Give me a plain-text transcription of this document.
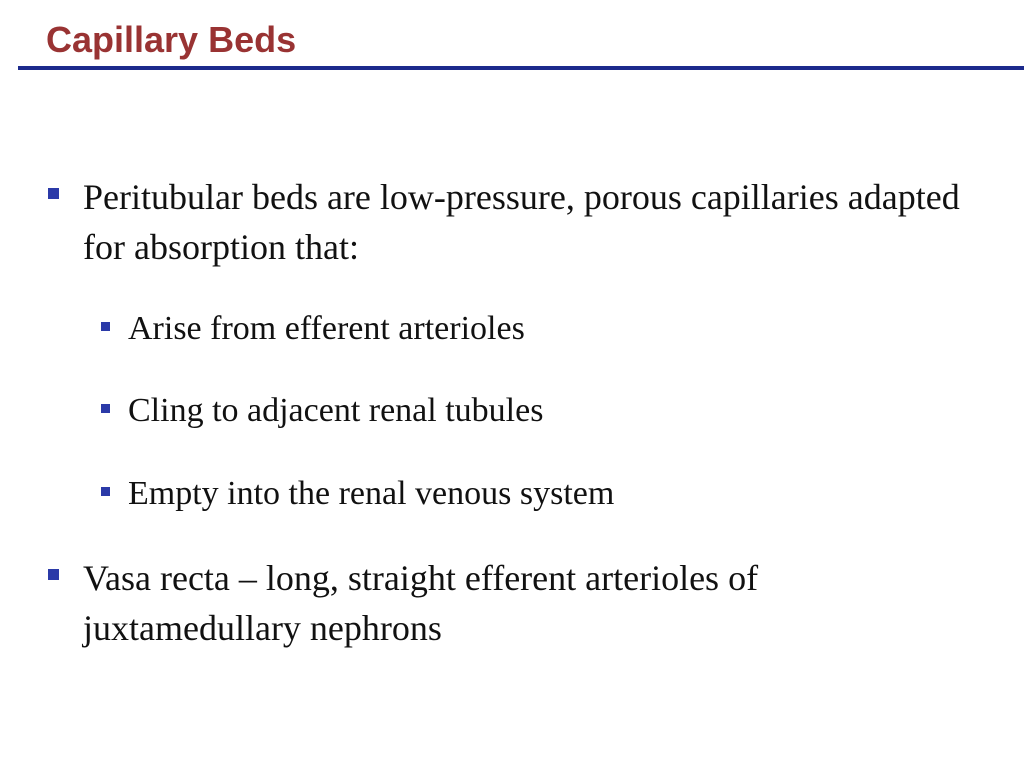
Capillary Beds
Peritubular beds are low-pressure, porous capillaries adapted for absorption that:
Arise from efferent arterioles
Cling to adjacent renal tubules
Empty into the renal venous system
Vasa recta – long, straight efferent arterioles of juxtamedullary nephrons
